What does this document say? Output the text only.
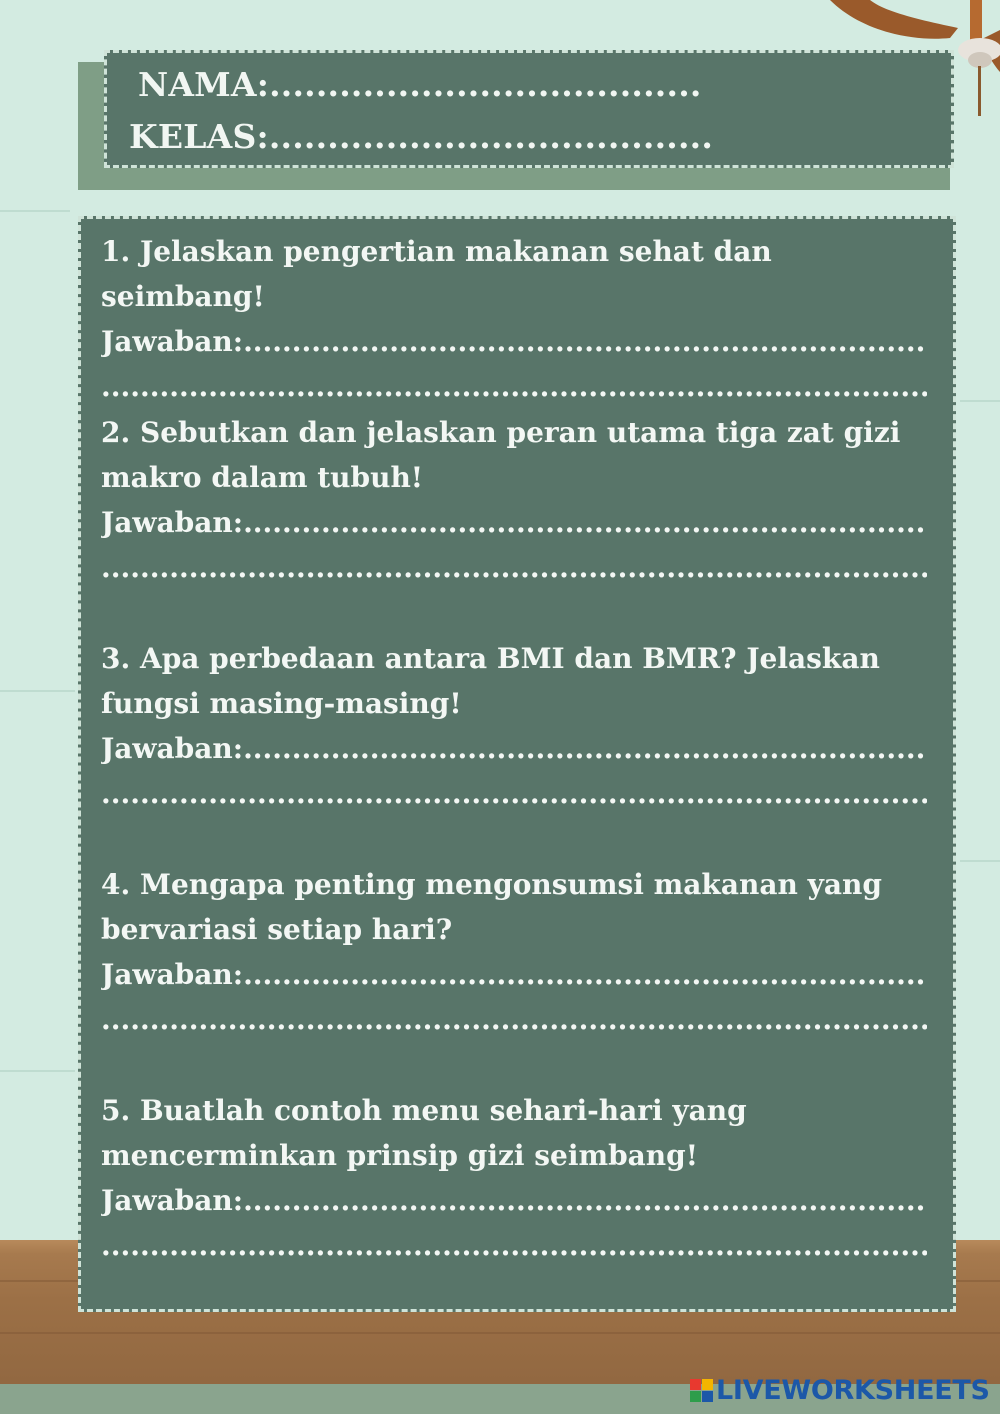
NAMA:.....................................
KELAS:......................................
1. Jelaskan pengertian makanan sehat dan seimbang!
Jawaban:
.....
.....
2. Sebutkan dan jelaskan peran utama tiga zat gizi makro dalam tubuh!
Jawaban:
.....
.....
3. Apa perbedaan antara BMI dan BMR? Jelaskan fungsi masing-masing!
Jawaban:
.....
.....
4. Mengapa penting mengonsumsi makanan yang bervariasi setiap hari?
Jawaban:
.....
.....
5. Buatlah contoh menu sehari-hari yang mencerminkan prinsip gizi seimbang!
Jawaban:
.....
.....
LIVEWORKSHEETS
